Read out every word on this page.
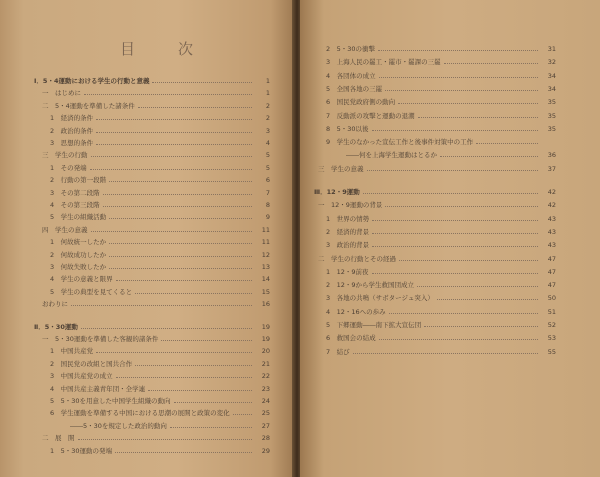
目　次
Ⅰ．5・4運動における学生の行動と意義	1
一　はじめに	1
二　5・4運動を準備した諸条件	2
1　経済的条件	2
2　政治的条件	3
3　思想的条件	4
三　学生の行動	5
1　その発端	5
2　行動の第一段階	6
3　その第二段階	7
4　その第三段階	8
5　学生の組織活動	9
四　学生の意義	11
1　何故統一したか	11
2　何故成功したか	12
3　何故失敗したか	13
4　学生の意義と限界	14
5　学生の典型を見てくると	15
おわりに	16
Ⅱ．5・30運動	19
一　5・30運動を準備した客観的諸条件	19
1　中国共産党	20
2　国民党の改組と国共合作	21
3　中国共産党の成立	22
4　中国共産主義青年団・全学連	23
5　5・30を用意した中国学生組織の動向	24
6　学生運動を準備する中国における思潮の展開と政策の変化	25
――5・30を規定した政治的動向	27
二　展　開	28
1　5・30運動の発端	29
2　5・30の衝撃	31
3　上海人民の罷工・罷市・罷課の三罷	32
4　各団体の成立	34
5　全国各地の三罷	34
6　国民党政府側の動向	35
7　反動派の攻撃と運動の退潮	35
8　5・30以後	35
9　学生のなかった宣伝工作と後事件対策中の工作
――何を上海学生運動はとるか	36
三　学生の意義	37
Ⅲ．12・9運動	42
一　12・9運動の背景	42
1　世界の情勢	43
2　経済的背景	43
3　政治的背景	43
二　学生の行動とその経過	47
1　12・9前夜	47
2　12・9から学生救国団成立	47
3　各地の共鳴（サボタージュ突入）	50
4　12・16への歩み	51
5　下郷運動――南下拡大宣伝団	52
6　救国会の結成	53
7　結び	55
